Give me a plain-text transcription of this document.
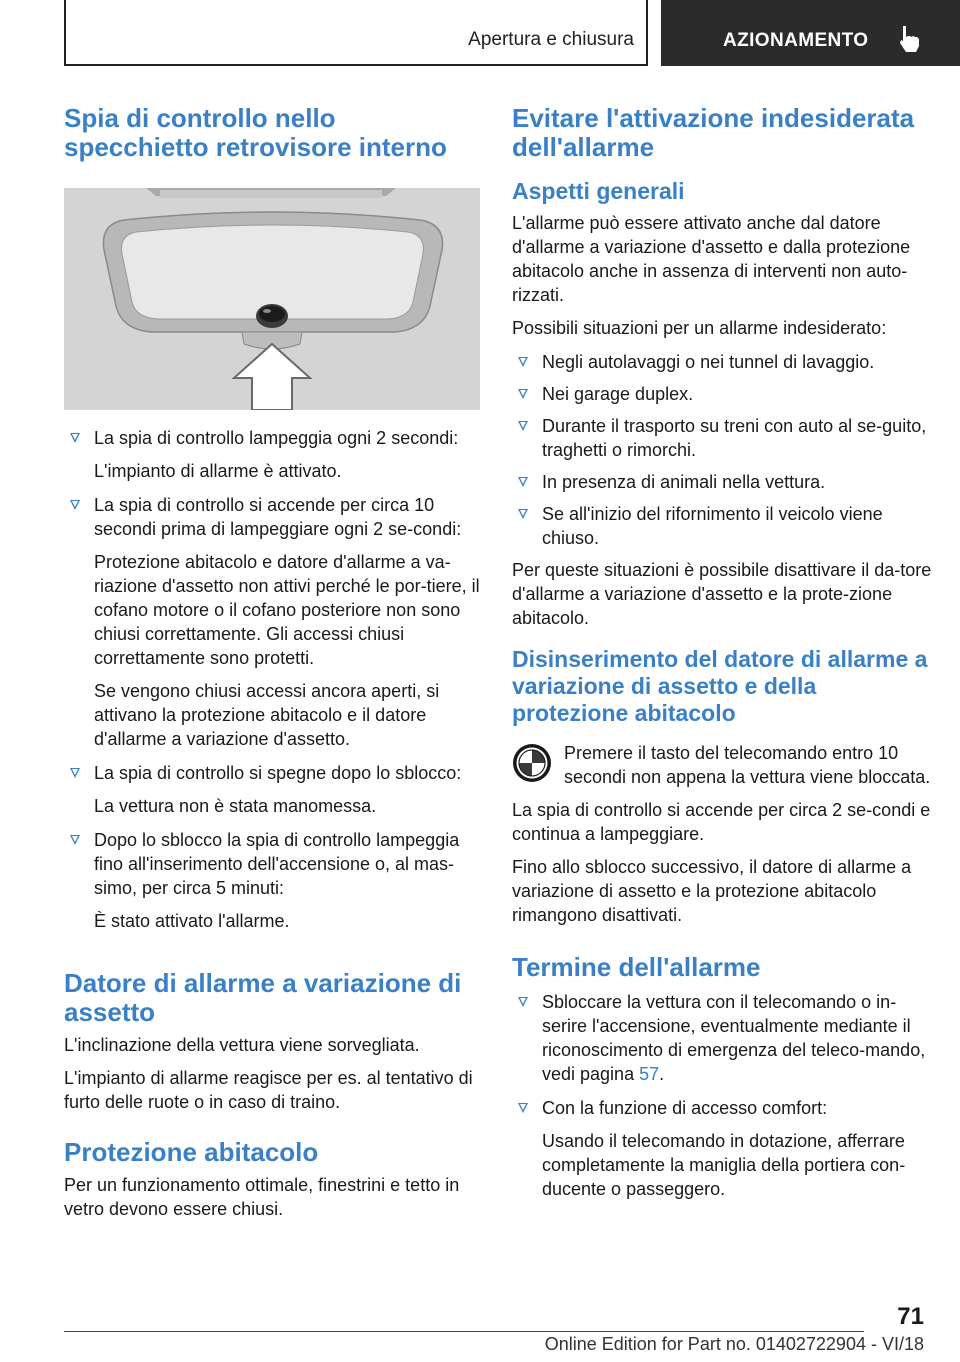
Apertura e chiusura	AZIONAMENTO
Spia di controllo nello specchietto retrovisore interno

La spia di controllo lampeggia ogni 2 secondi:

L'impianto di allarme è attivato.

La spia di controllo si accende per circa 10 secondi prima di lampeggiare ogni 2 se-condi:

Protezione abitacolo e datore d'allarme a va-riazione d'assetto non attivi perché le por-tiere, il cofano motore o il cofano posteriore non sono chiusi correttamente. Gli accessi chiusi correttamente sono protetti.

Se vengono chiusi accessi ancora aperti, si attivano la protezione abitacolo e il datore d'allarme a variazione d'assetto.

La spia di controllo si spegne dopo lo sblocco:

La vettura non è stata manomessa.

Dopo lo sblocco la spia di controllo lampeggia fino all'inserimento dell'accensione o, al mas-simo, per circa 5 minuti:

È stato attivato l'allarme.

Datore di allarme a variazione di assetto

L'inclinazione della vettura viene sorvegliata.

L'impianto di allarme reagisce per es. al tentativo di furto delle ruote o in caso di traino.

Protezione abitacolo

Per un funzionamento ottimale, finestrini e tetto in vetro devono essere chiusi.

Evitare l'attivazione indesiderata dell'allarme
Aspetti generali

L'allarme può essere attivato anche dal datore d'allarme a variazione d'assetto e dalla protezione abitacolo anche in assenza di interventi non auto-rizzati.

Possibili situazioni per un allarme indesiderato:

Negli autolavaggi o nei tunnel di lavaggio.

Nei garage duplex.

Durante il trasporto su treni con auto al se-guito, traghetti o rimorchi.

In presenza di animali nella vettura.

Se all'inizio del rifornimento il veicolo viene chiuso.

Per queste situazioni è possibile disattivare il da-tore d'allarme a variazione d'assetto e la prote-zione abitacolo.

Disinserimento del datore di allarme a variazione di assetto e della protezione abitacolo

Premere il tasto del telecomando entro 10 secondi non appena la vettura viene bloccata.

La spia di controllo si accende per circa 2 se-condi e continua a lampeggiare.

Fino allo sblocco successivo, il datore di allarme a variazione di assetto e la protezione abitacolo rimangono disattivati.

Termine dell'allarme

Sbloccare la vettura con il telecomando o in-serire l'accensione, eventualmente mediante il riconoscimento di emergenza del teleco-mando, vedi pagina 57.

Con la funzione di accesso comfort:

Usando il telecomando in dotazione, afferrare completamente la maniglia della portiera con-ducente o passeggero.

71
Online Edition for Part no. 01402722904 - VI/18
